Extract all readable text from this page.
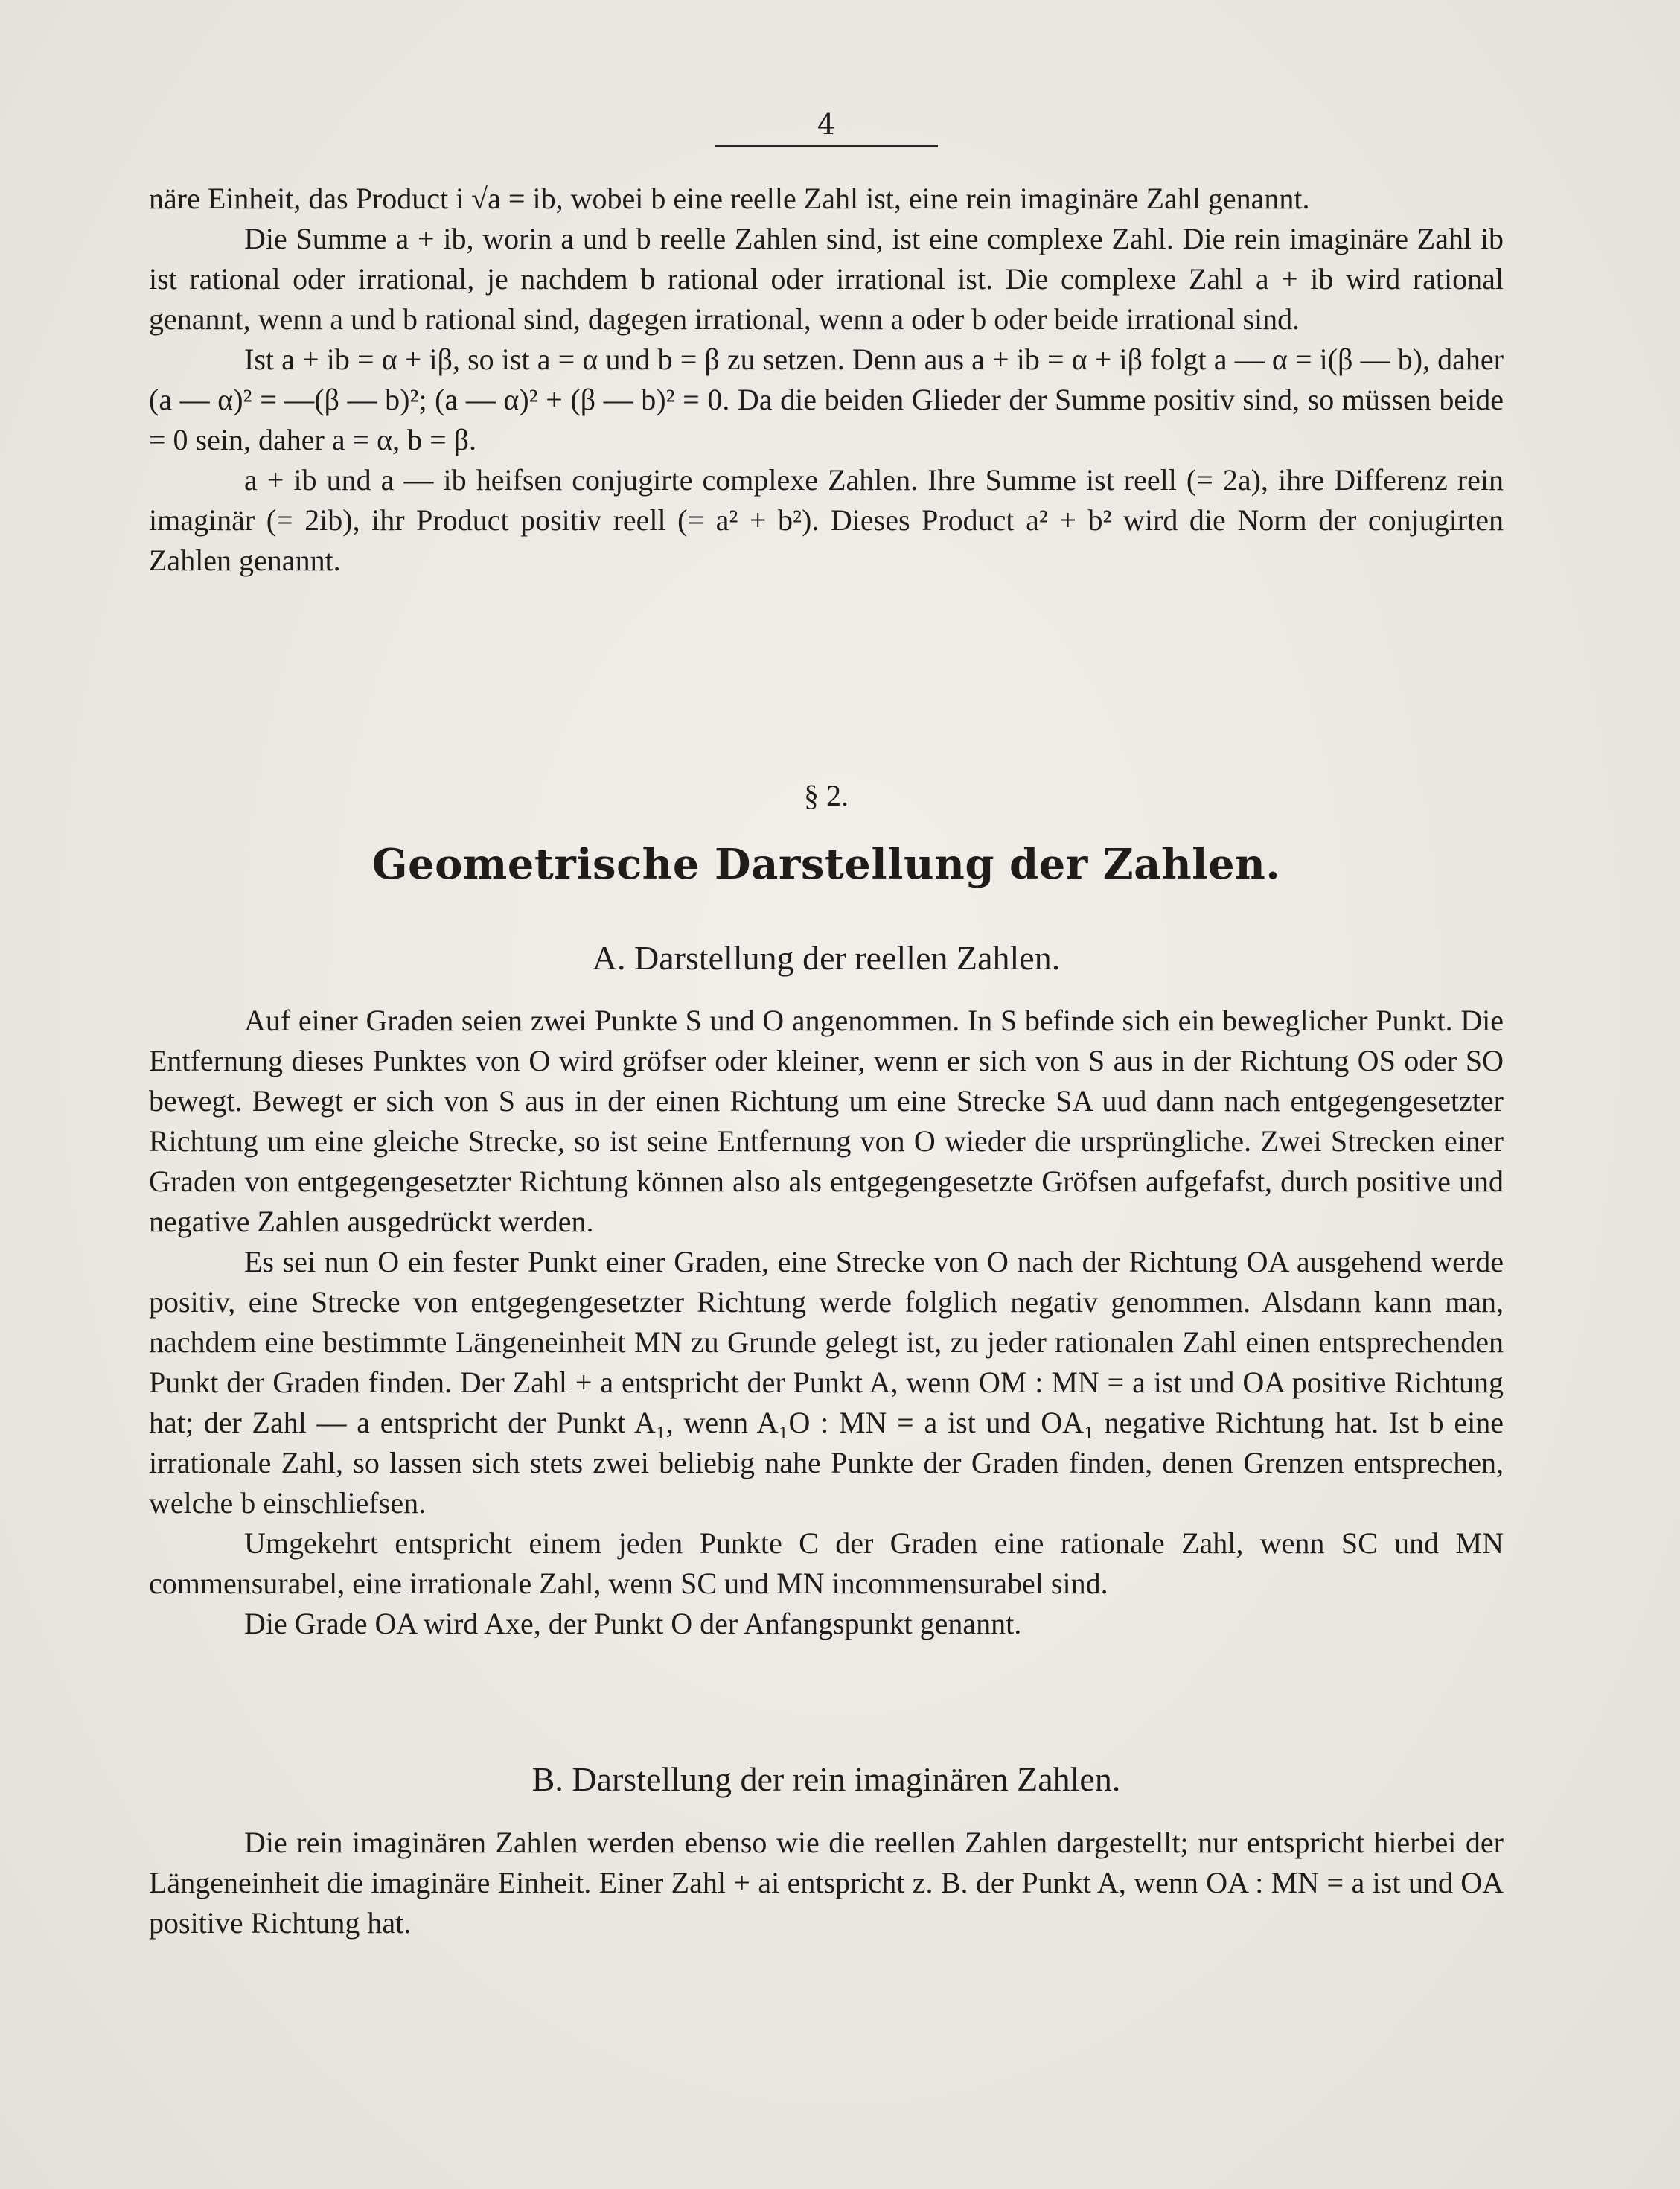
4

näre Einheit, das Product i √a = ib, wobei b eine reelle Zahl ist, eine rein imaginäre Zahl genannt.

Die Summe a + ib, worin a und b reelle Zahlen sind, ist eine complexe Zahl. Die rein imaginäre Zahl ib ist rational oder irrational, je nachdem b rational oder irrational ist. Die complexe Zahl a + ib wird rational genannt, wenn a und b rational sind, dagegen irrational, wenn a oder b oder beide irrational sind.

Ist a + ib = α + iβ, so ist a = α und b = β zu setzen. Denn aus a + ib = α + iβ folgt a — α = i(β — b), daher (a — α)² = —(β — b)²; (a — α)² + (β — b)² = 0. Da die beiden Glieder der Summe positiv sind, so müssen beide = 0 sein, daher a = α, b = β.

a + ib und a — ib heifsen conjugirte complexe Zahlen. Ihre Summe ist reell (= 2a), ihre Differenz rein imaginär (= 2ib), ihr Product positiv reell (= a² + b²). Dieses Product a² + b² wird die Norm der conjugirten Zahlen genannt.

§ 2.
Geometrische Darstellung der Zahlen.
A. Darstellung der reellen Zahlen.

Auf einer Graden seien zwei Punkte S und O angenommen. In S befinde sich ein beweglicher Punkt. Die Entfernung dieses Punktes von O wird gröfser oder kleiner, wenn er sich von S aus in der Richtung OS oder SO bewegt. Bewegt er sich von S aus in der einen Richtung um eine Strecke SA uud dann nach entgegengesetzter Richtung um eine gleiche Strecke, so ist seine Entfernung von O wieder die ursprüngliche. Zwei Strecken einer Graden von entgegengesetzter Richtung können also als entgegengesetzte Gröfsen aufgefafst, durch positive und negative Zahlen ausgedrückt werden.

Es sei nun O ein fester Punkt einer Graden, eine Strecke von O nach der Richtung OA ausgehend werde positiv, eine Strecke von entgegengesetzter Richtung werde folglich negativ genommen. Alsdann kann man, nachdem eine bestimmte Längeneinheit MN zu Grunde gelegt ist, zu jeder rationalen Zahl einen entsprechenden Punkt der Graden finden. Der Zahl + a entspricht der Punkt A, wenn OM : MN = a ist und OA positive Richtung hat; der Zahl — a entspricht der Punkt A₁, wenn A₁O : MN = a ist und OA₁ negative Richtung hat. Ist b eine irrationale Zahl, so lassen sich stets zwei beliebig nahe Punkte der Graden finden, denen Grenzen entsprechen, welche b einschliefsen.

Umgekehrt entspricht einem jeden Punkte C der Graden eine rationale Zahl, wenn SC und MN commensurabel, eine irrationale Zahl, wenn SC und MN incommensurabel sind.

Die Grade OA wird Axe, der Punkt O der Anfangspunkt genannt.

B. Darstellung der rein imaginären Zahlen.

Die rein imaginären Zahlen werden ebenso wie die reellen Zahlen dargestellt; nur entspricht hierbei der Längeneinheit die imaginäre Einheit. Einer Zahl + ai entspricht z. B. der Punkt A, wenn OA : MN = a ist und OA positive Richtung hat.
